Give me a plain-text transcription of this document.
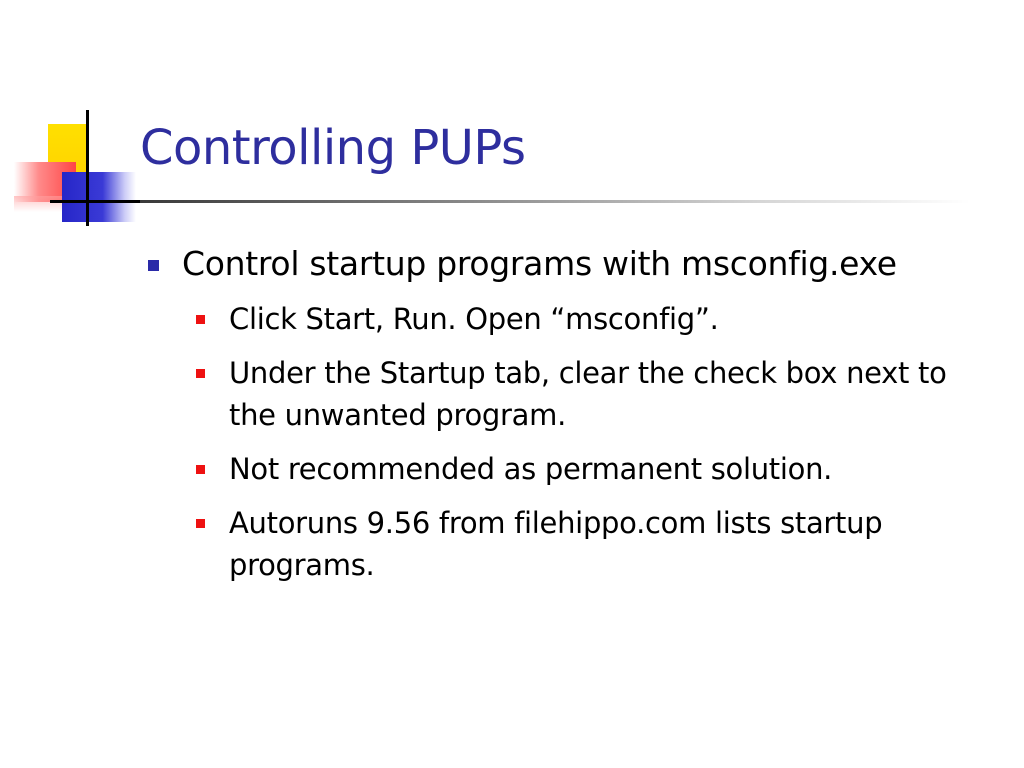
Controlling PUPs
Control startup programs with msconfig.exe
Click Start, Run. Open “msconfig”.
Under the Startup tab, clear the check box next to the unwanted program.
Not recommended as permanent solution.
Autoruns 9.56 from filehippo.com lists startup programs.
